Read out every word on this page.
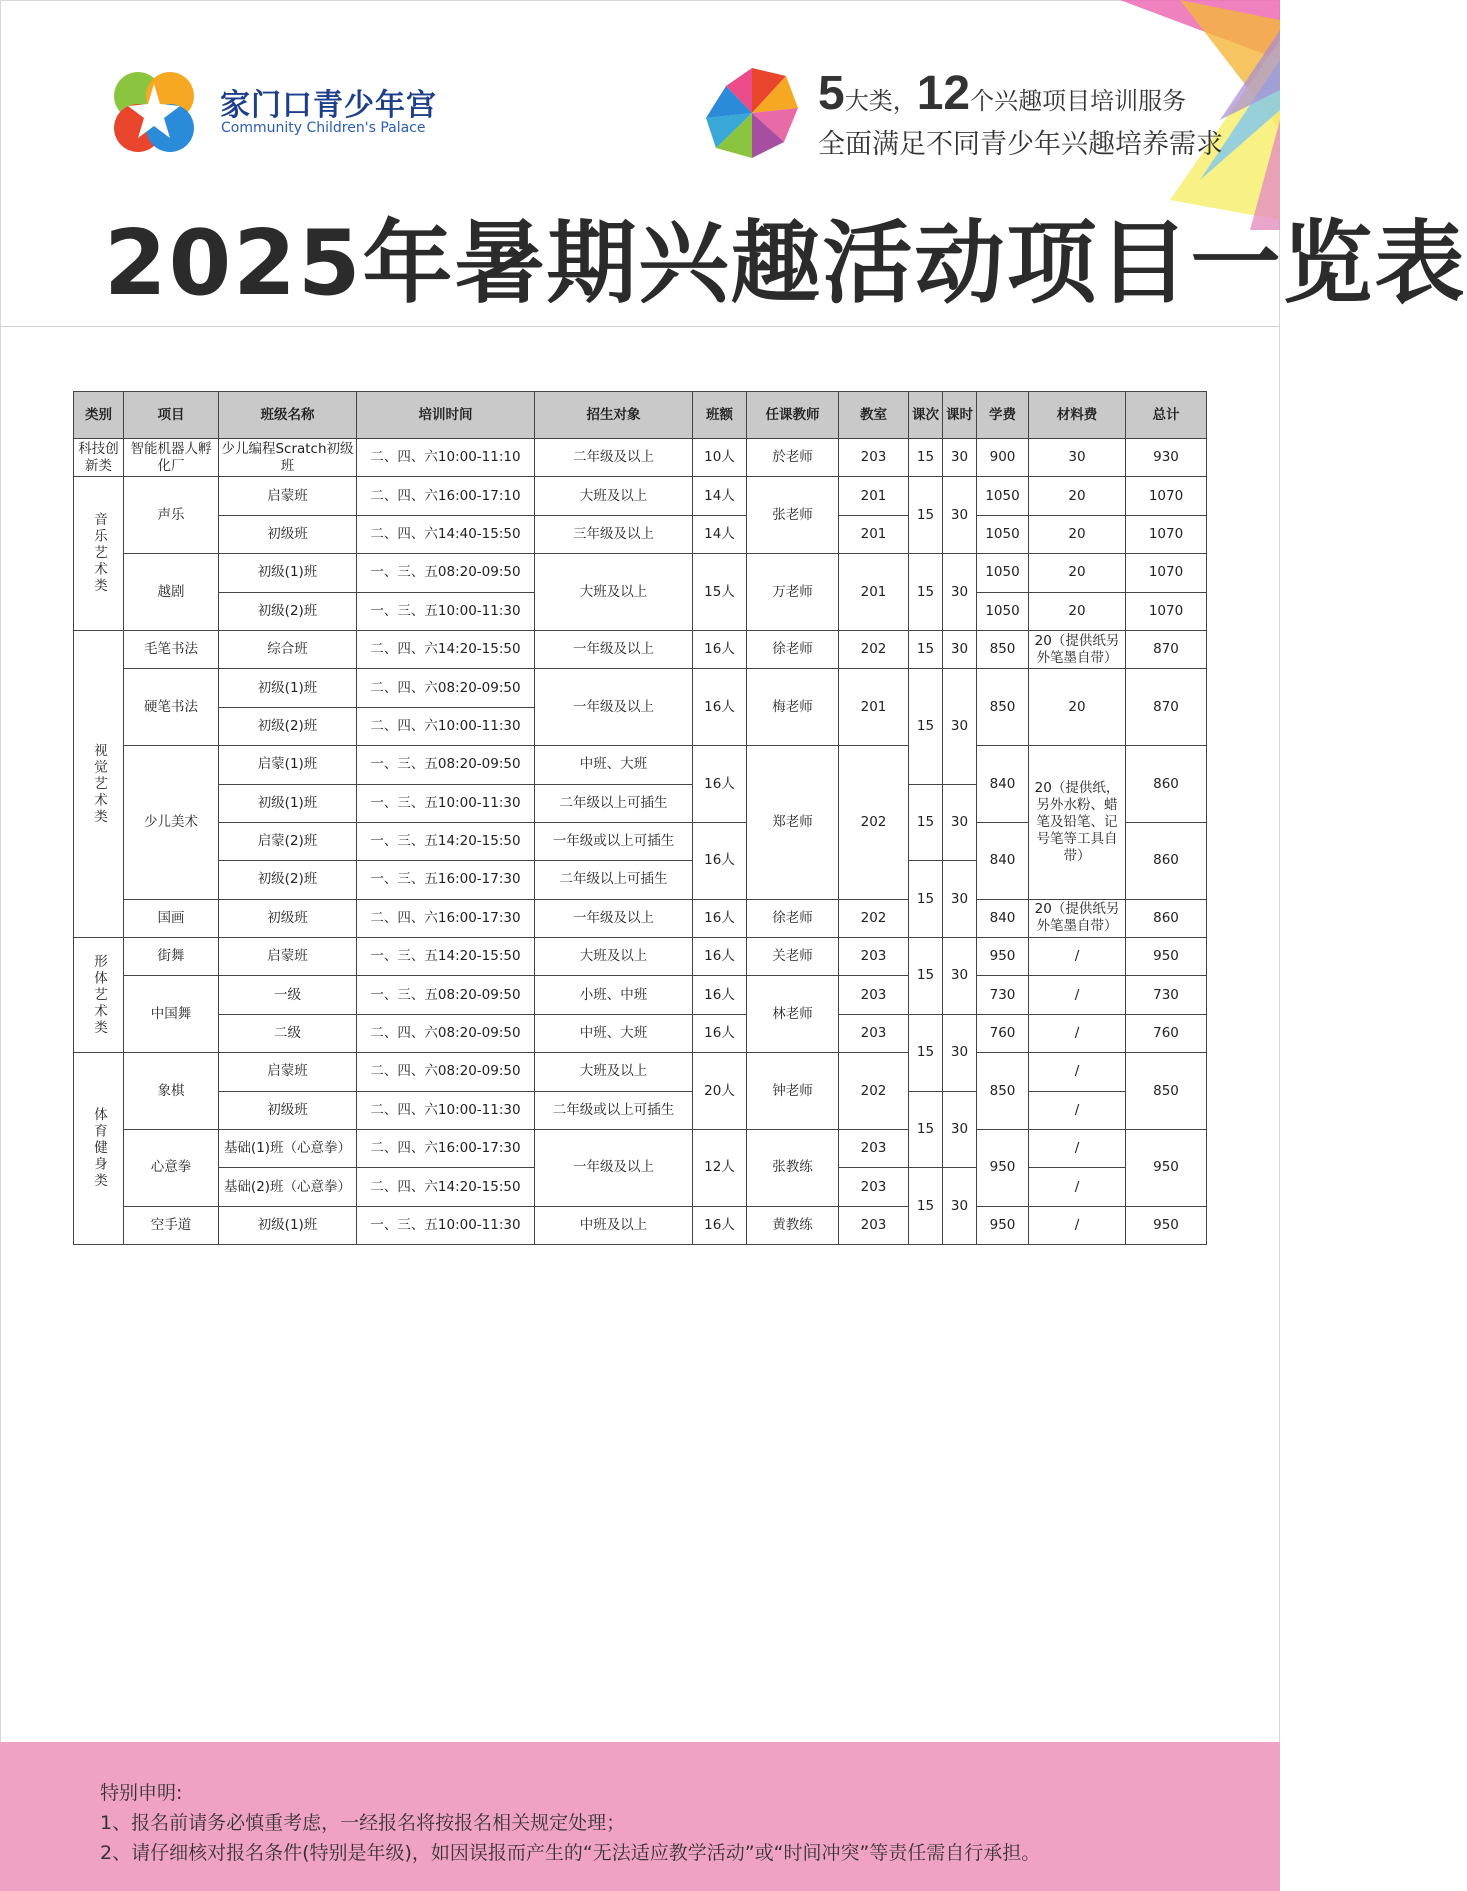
家门口青少年宫
Community Children's Palace
5大类，12个兴趣项目培训服务
全面满足不同青少年兴趣培养需求
2025年暑期兴趣活动项目一览表
类别	项目	班级名称	培训时间	招生对象	班额	任课教师	教室	课次	课时	学费	材料费	总计
科技创新类	智能机器人孵化厂	少儿编程Scratch初级班	二、四、六10:00-11:10	二年级及以上	10人	於老师	203	15	30	900	30	930
音乐艺术类	声乐	启蒙班	二、四、六16:00-17:10	大班及以上	14人	张老师	201	15	30	1050	20	1070
		初级班	二、四、六14:40-15:50	三年级及以上	14人		201			1050	20	1070
	越剧	初级(1)班	一、三、五08:20-09:50	大班及以上	15人	万老师	201	15	30	1050	20	1070
		初级(2)班	一、三、五10:00-11:30							1050	20	1070
视觉艺术类	毛笔书法	综合班	二、四、六14:20-15:50	一年级及以上	16人	徐老师	202	15	30	850	20（提供纸另外笔墨自带）	870
	硬笔书法	初级(1)班	二、四、六08:20-09:50	一年级及以上	16人	梅老师	201	15	30	850	20	870
		初级(2)班	二、四、六10:00-11:30									
	少儿美术	启蒙(1)班	一、三、五08:20-09:50	中班、大班	16人	郑老师	202			840	20（提供纸，另外水粉、蜡笔及铅笔、记号笔等工具自带）	860
		初级(1)班	一、三、五10:00-11:30	二年级以上可插生				15	30			
		启蒙(2)班	一、三、五14:20-15:50	一年级或以上可插生	16人					840		860
		初级(2)班	一、三、五16:00-17:30	二年级以上可插生				15	30			
	国画	初级班	二、四、六16:00-17:30	一年级及以上	16人	徐老师	202			840	20（提供纸另外笔墨自带）	860
形体艺术类	街舞	启蒙班	一、三、五14:20-15:50	大班及以上	16人	关老师	203	15	30	950	/	950
	中国舞	一级	一、三、五08:20-09:50	小班、中班	16人	林老师	203			730	/	730
		二级	二、四、六08:20-09:50	中班、大班	16人		203	15	30	760	/	760
体育健身类	象棋	启蒙班	二、四、六08:20-09:50	大班及以上	20人	钟老师	202			850	/	850
		初级班	二、四、六10:00-11:30	二年级或以上可插生				15	30		/	
	心意拳	基础(1)班（心意拳）	二、四、六16:00-17:30	一年级及以上	12人	张教练	203			950	/	950
		基础(2)班（心意拳）	二、四、六14:20-15:50				203	15	30		/	
	空手道	初级(1)班	一、三、五10:00-11:30	中班及以上	16人	黄教练	203			950	/	950
特别申明:
1、报名前请务必慎重考虑，一经报名将按报名相关规定处理；
2、请仔细核对报名条件(特别是年级)，如因误报而产生的“无法适应教学活动”或“时间冲突”等责任需自行承担。
